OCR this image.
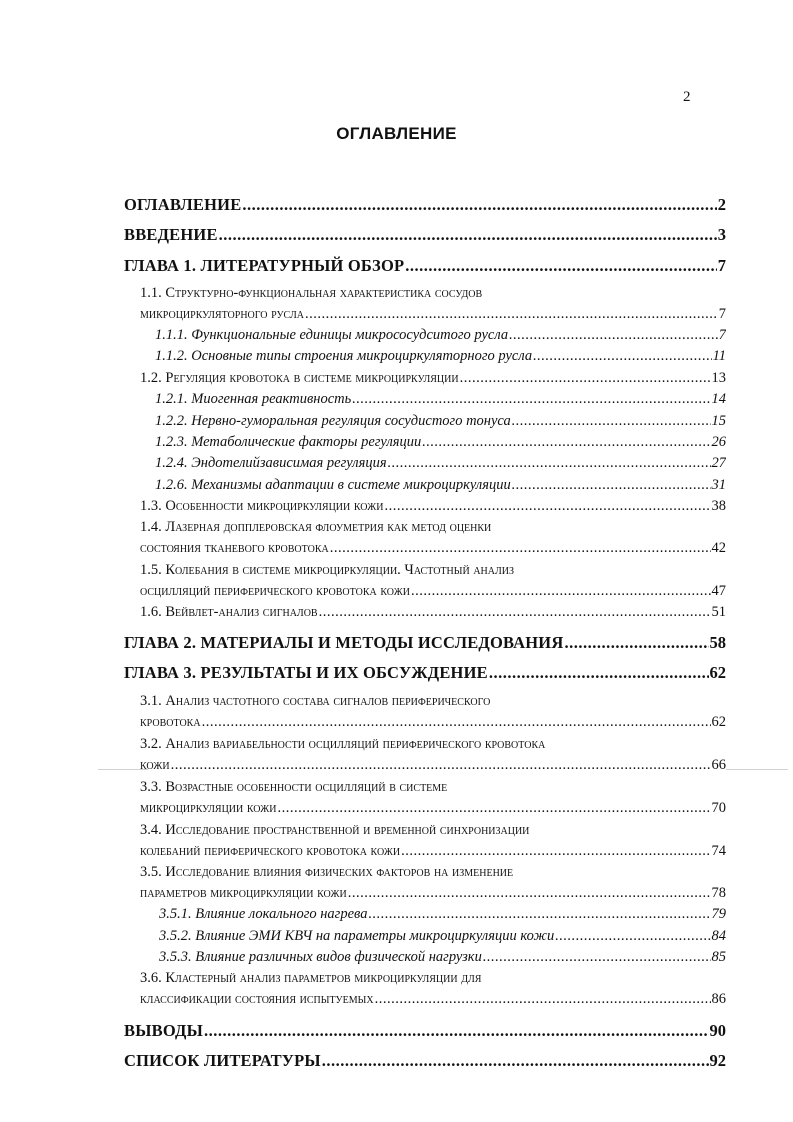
2
ОГЛАВЛЕНИЕ
ОГЛАВЛЕНИЕ .....	2
ВВЕДЕНИЕ .....	3
ГЛАВА 1. ЛИТЕРАТУРНЫЙ ОБЗОР .....	7
1.1. Структурно-функциональная характеристика сосудов
микроциркуляторного русла .....	7
1.1.1. Функциональные единицы микрососудситого русла .....	7
1.1.2. Основные типы строения микроциркуляторного русла .....	11
1.2. Регуляция кровотока в системе микроциркуляции .....	13
1.2.1. Миогенная реактивность .....	14
1.2.2. Нервно-гуморальная регуляция сосудистого тонуса .....	15
1.2.3. Метаболические факторы регуляции .....	26
1.2.4. Эндотелийзависимая регуляция .....	27
1.2.6. Механизмы адаптации в системе микроциркуляции .....	31
1.3. Особенности микроциркуляции кожи .....	38
1.4. Лазерная допплеровская флоуметрия как метод оценки
состояния тканевого кровотока .....	42
1.5. Колебания в системе микроциркуляции. Частотный анализ
осцилляций периферического кровотока кожи .....	47
1.6. Вейвлет-анализ сигналов .....	51
ГЛАВА 2. МАТЕРИАЛЫ И МЕТОДЫ ИССЛЕДОВАНИЯ .....	58
ГЛАВА 3. РЕЗУЛЬТАТЫ И ИХ ОБСУЖДЕНИЕ .....	62
3.1. Анализ частотного состава сигналов периферического
кровотока .....	62
3.2. Анализ вариабельности осцилляций периферического кровотока
кожи .....	66
3.3. Возрастные особенности осцилляций в системе
микроциркуляции кожи .....	70
3.4. Исследование пространственной и временной синхронизации
колебаний периферического кровотока кожи .....	74
3.5. Исследование влияния физических факторов на изменение
параметров микроциркуляции кожи .....	78
3.5.1. Влияние локального нагрева .....	79
3.5.2. Влияние ЭМИ КВЧ на параметры микроциркуляции кожи .....	84
3.5.3. Влияние различных видов физической нагрузки .....	85
3.6. Кластерный анализ параметров микроциркуляции для
классификации состояния испытуемых .....	86
ВЫВОДЫ .....	90
СПИСОК ЛИТЕРАТУРЫ .....	92
